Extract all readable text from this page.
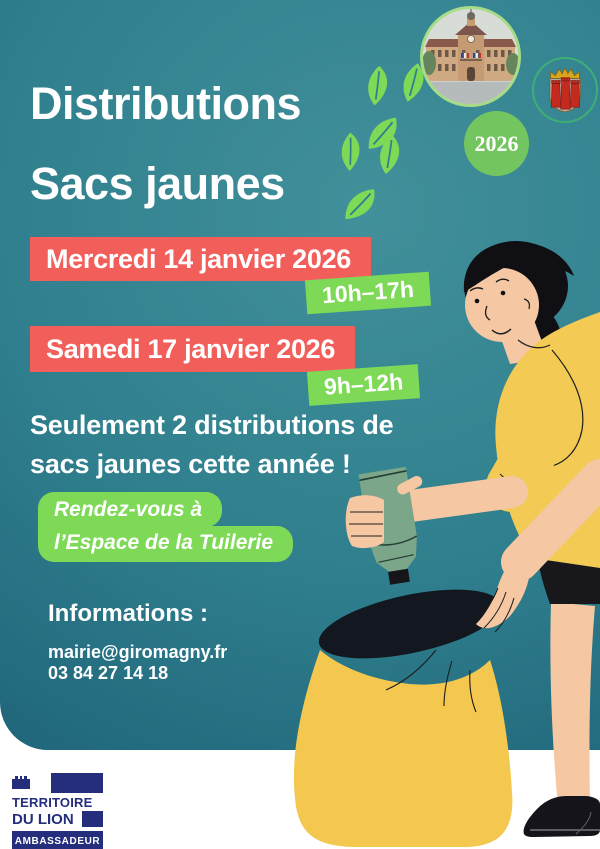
Distributions
Sacs jaunes
2026
Mercredi 14 janvier 2026
10h–17h
Samedi 17 janvier 2026
9h–12h
Seulement 2 distributions de
sacs jaunes cette année !
Rendez-vous à
l’Espace de la Tuilerie
Informations :
mairie@giromagny.fr
03 84 27 14 18
TERRITOIRE
DU LION
AMBASSADEUR
